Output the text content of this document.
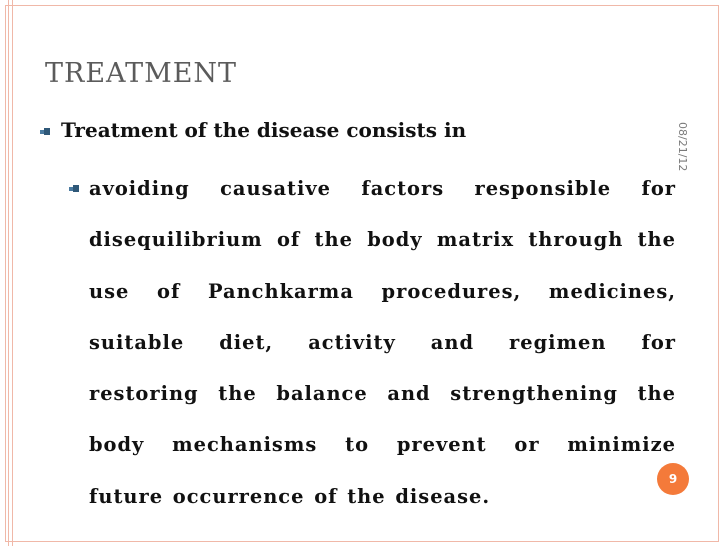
TREATMENT
08/21/12
Treatment of the disease consists in
avoiding causative factors responsible for
disequilibrium of the body matrix through the
use of Panchkarma procedures, medicines,
suitable diet, activity and regimen for
restoring the balance and strengthening the
body mechanisms to prevent or minimize
future occurrence of the disease.
9
